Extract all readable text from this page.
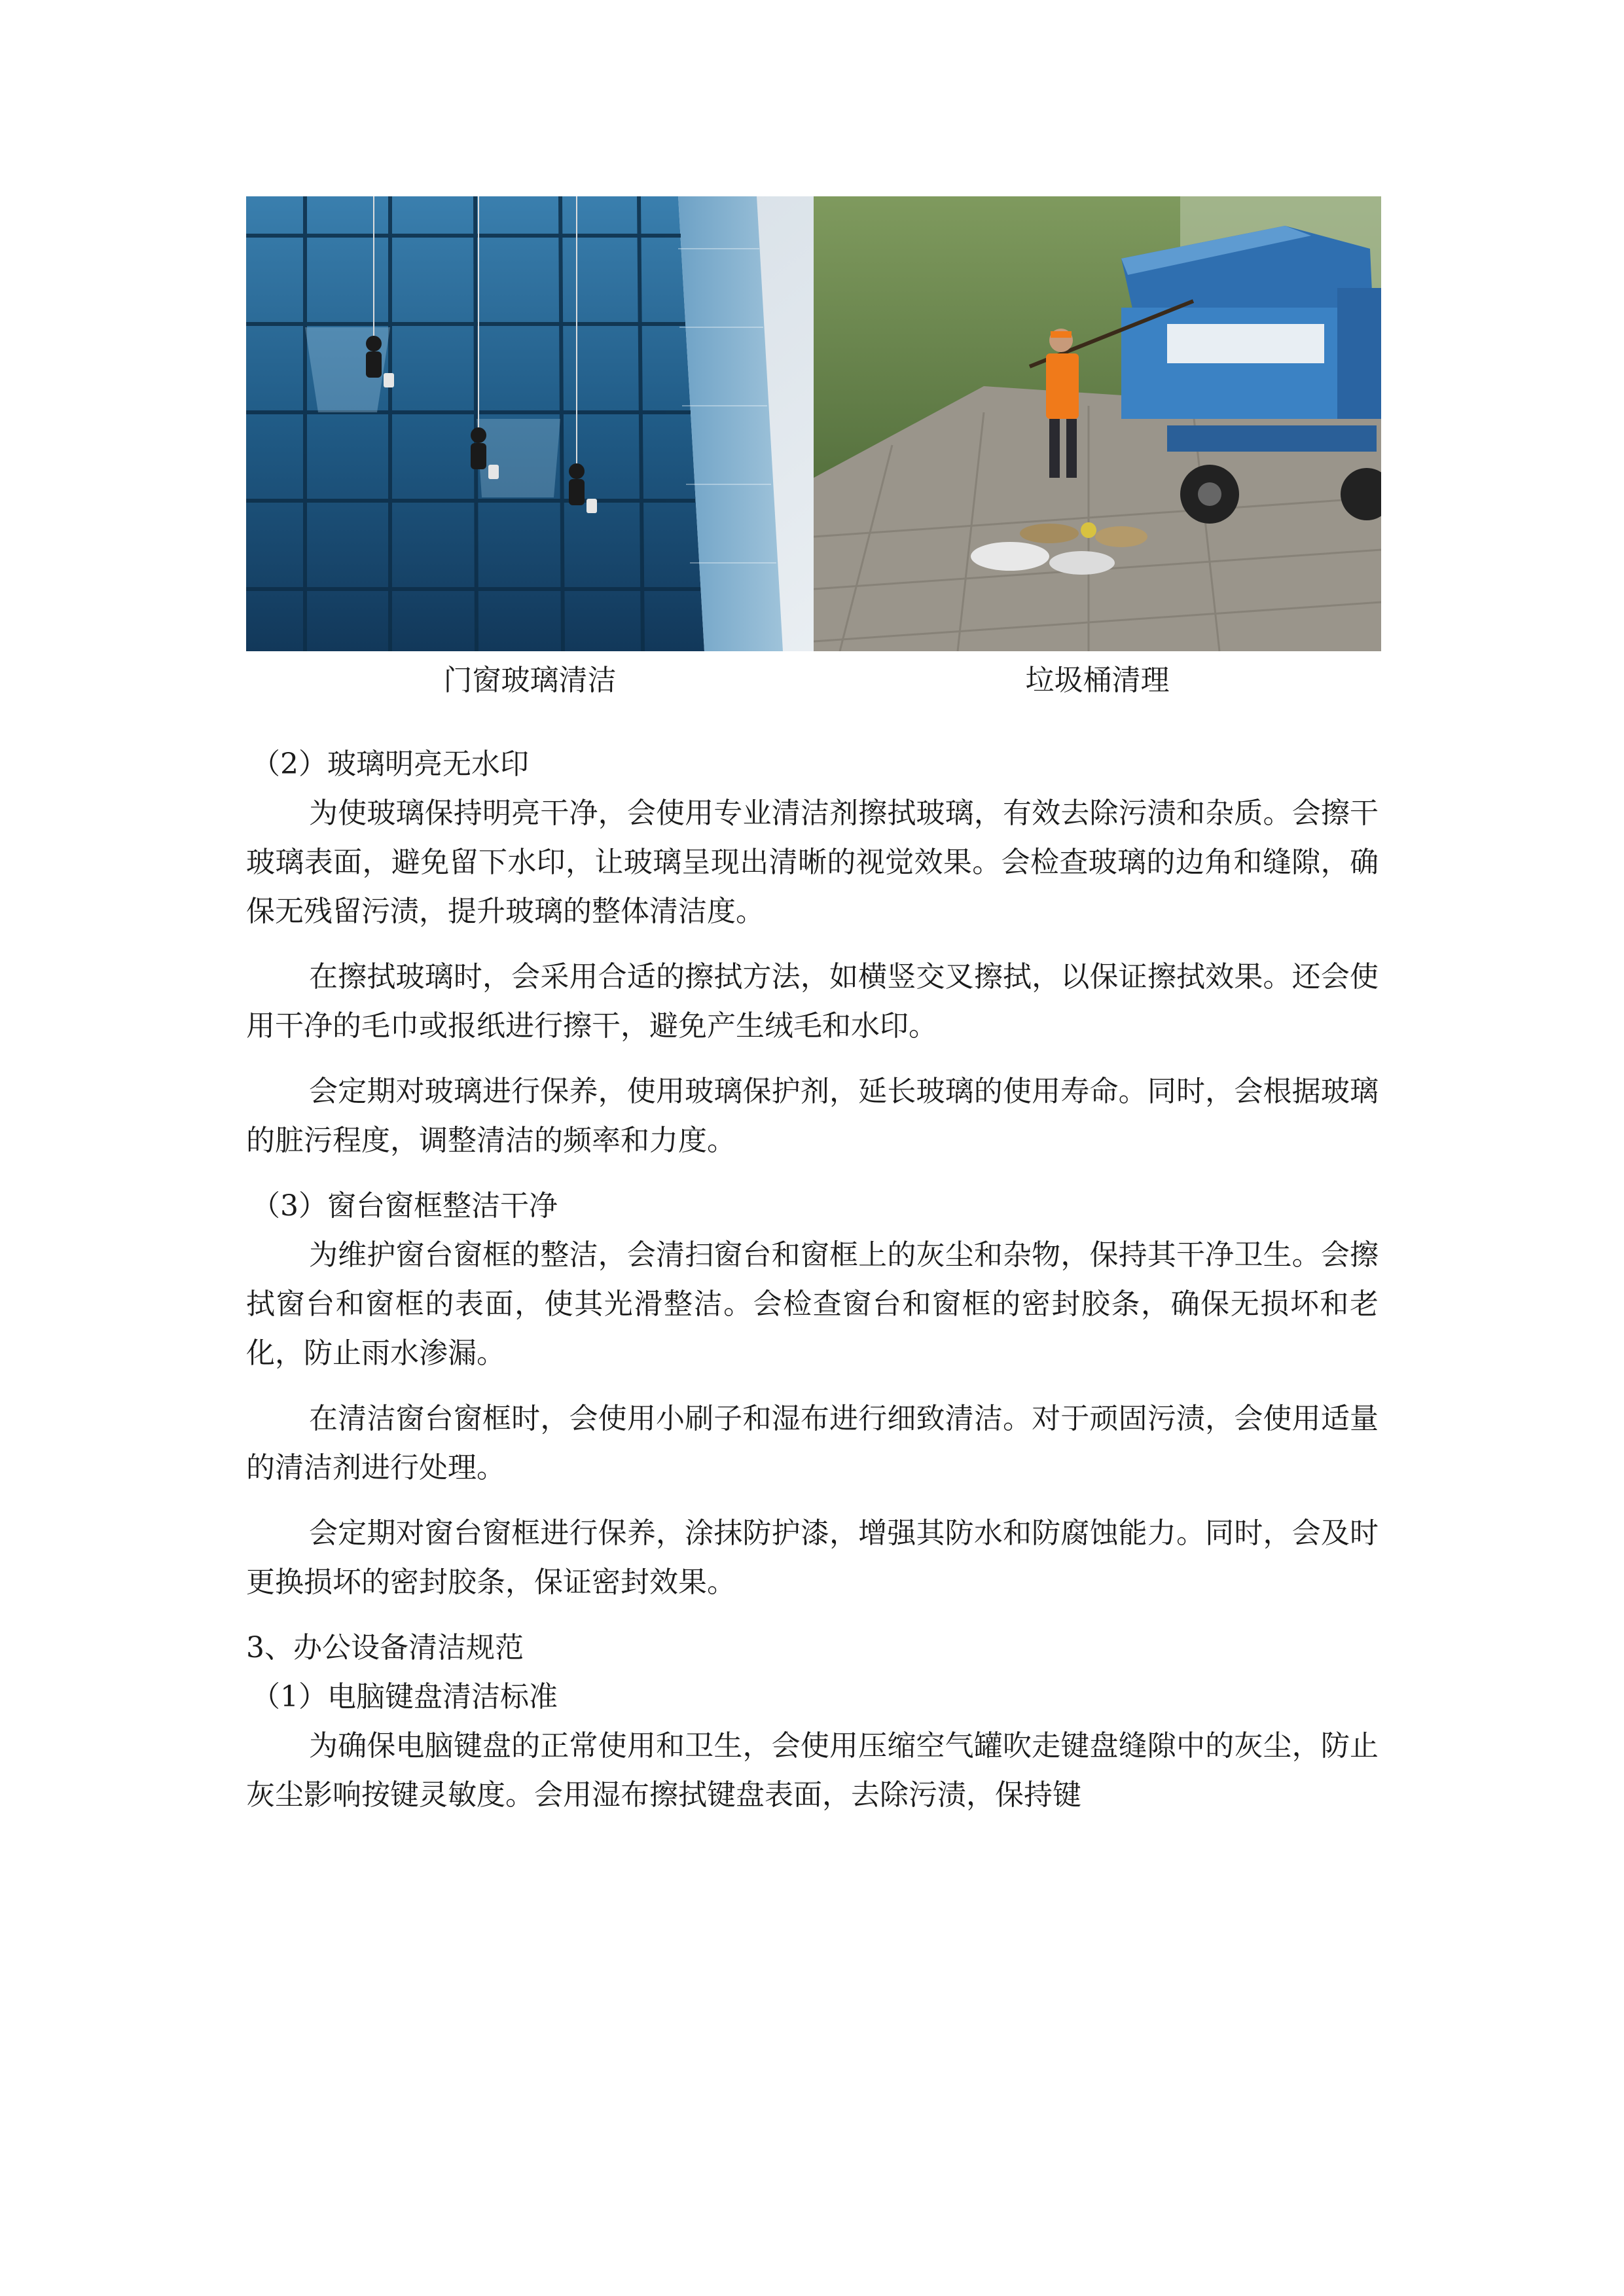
门窗玻璃清洁	垃圾桶清理

（2）玻璃明亮无水印

为使玻璃保持明亮干净，会使用专业清洁剂擦拭玻璃，有效去除污渍和杂质。会擦干玻璃表面，避免留下水印，让玻璃呈现出清晰的视觉效果。会检查玻璃的边角和缝隙，确保无残留污渍，提升玻璃的整体清洁度。

在擦拭玻璃时，会采用合适的擦拭方法，如横竖交叉擦拭，以保证擦拭效果。还会使用干净的毛巾或报纸进行擦干，避免产生绒毛和水印。

会定期对玻璃进行保养，使用玻璃保护剂，延长玻璃的使用寿命。同时，会根据玻璃的脏污程度，调整清洁的频率和力度。

（3）窗台窗框整洁干净

为维护窗台窗框的整洁，会清扫窗台和窗框上的灰尘和杂物，保持其干净卫生。会擦拭窗台和窗框的表面，使其光滑整洁。会检查窗台和窗框的密封胶条，确保无损坏和老化，防止雨水渗漏。

在清洁窗台窗框时，会使用小刷子和湿布进行细致清洁。对于顽固污渍，会使用适量的清洁剂进行处理。

会定期对窗台窗框进行保养，涂抹防护漆，增强其防水和防腐蚀能力。同时，会及时更换损坏的密封胶条，保证密封效果。

3、办公设备清洁规范

（1）电脑键盘清洁标准

为确保电脑键盘的正常使用和卫生，会使用压缩空气罐吹走键盘缝隙中的灰尘，防止灰尘影响按键灵敏度。会用湿布擦拭键盘表面，去除污渍，保持键
